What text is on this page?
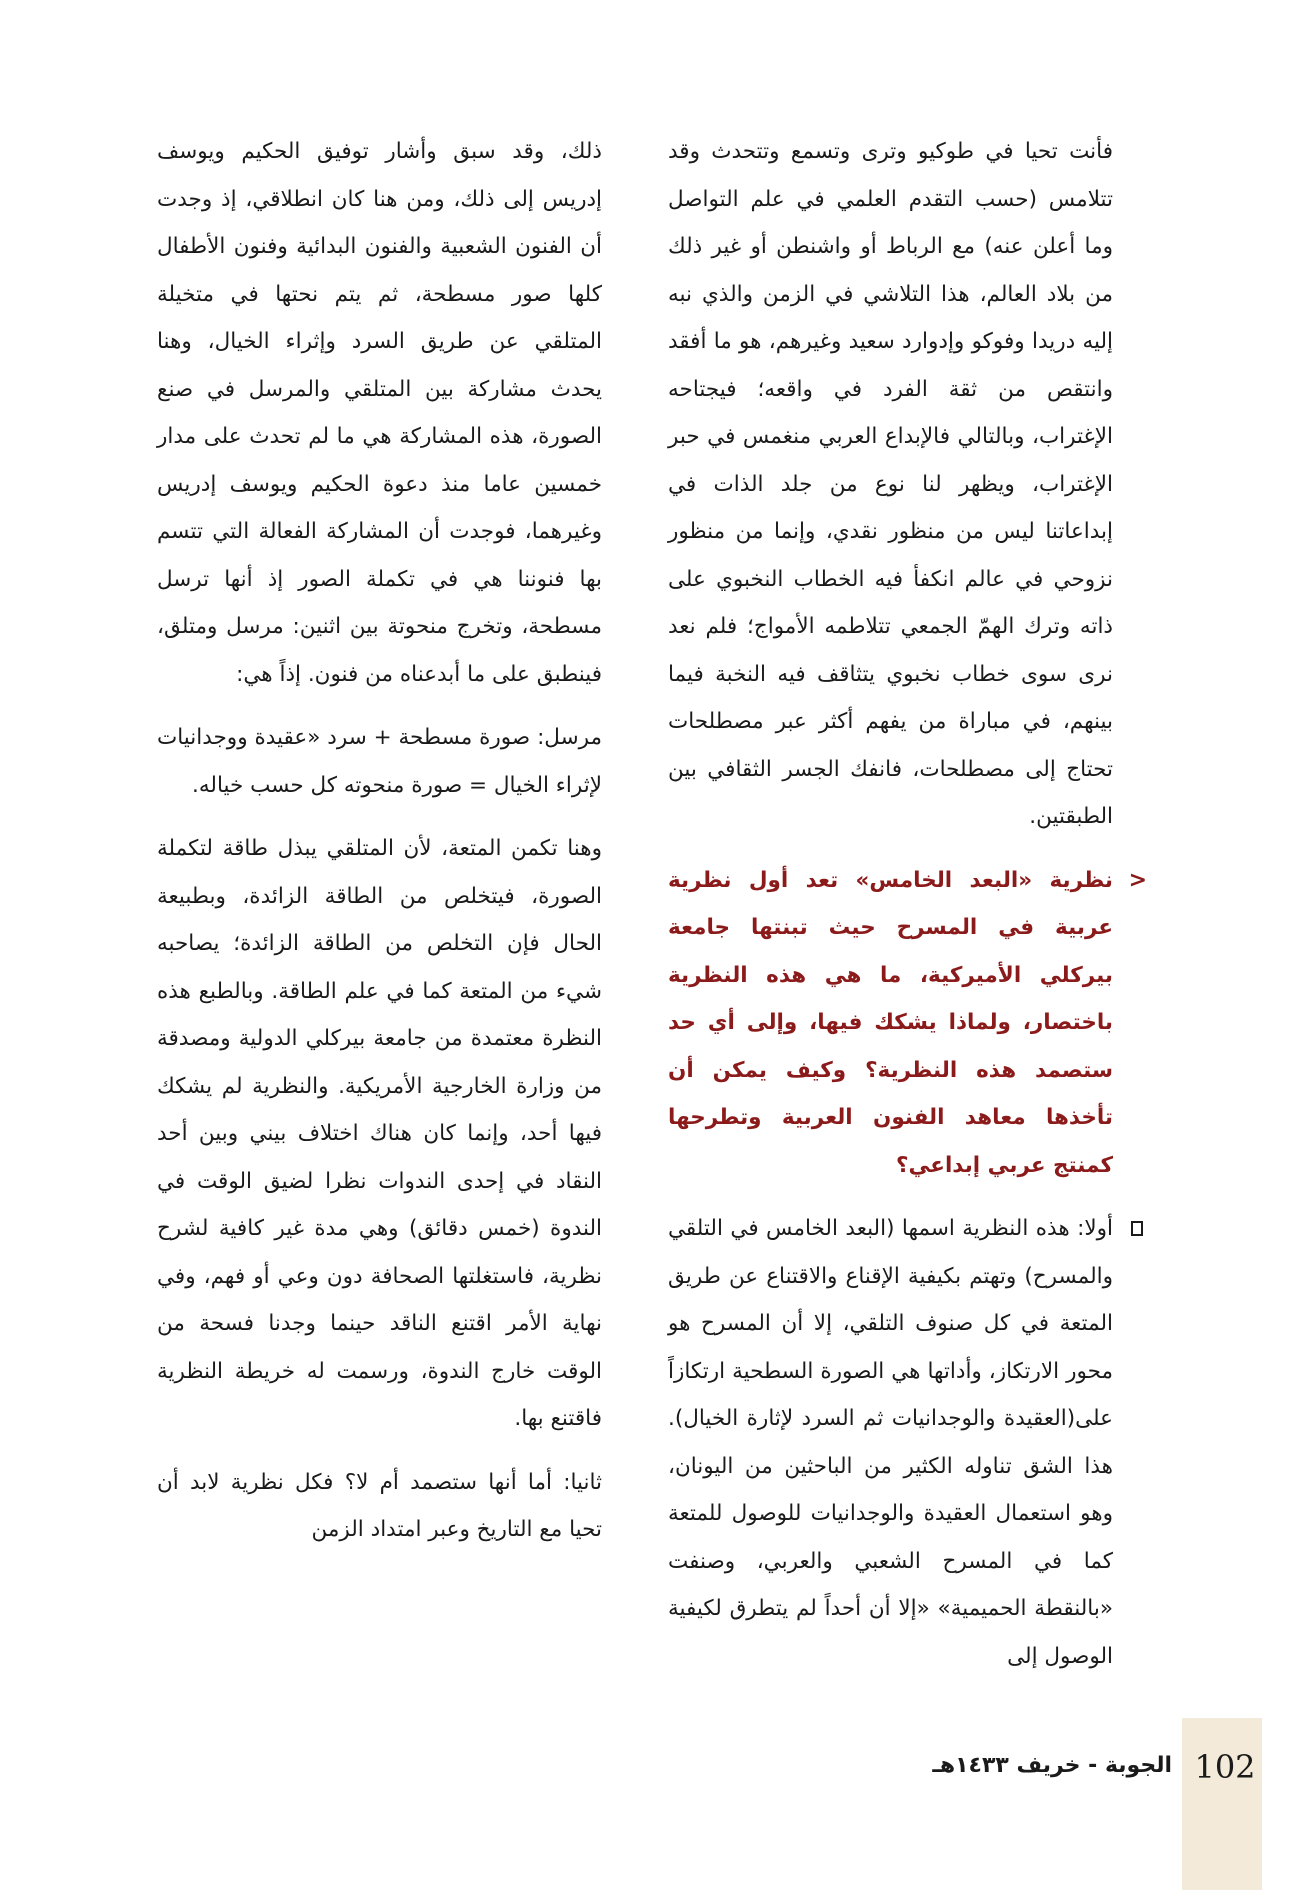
فأنت تحيا في طوكيو وترى وتسمع وتتحدث وقد تتلامس (حسب التقدم العلمي في علم التواصل وما أعلن عنه) مع الرباط أو واشنطن أو غير ذلك من بلاد العالم، هذا التلاشي في الزمن والذي نبه إليه دريدا وفوكو وإدوارد سعيد وغيرهم، هو ما أفقد وانتقص من ثقة الفرد في واقعه؛ فيجتاحه الإغتراب، وبالتالي فالإبداع العربي منغمس في حبر الإغتراب، ويظهر لنا نوع من جلد الذات في إبداعاتنا ليس من منظور نقدي، وإنما من منظور نزوحي في عالم انكفأ فيه الخطاب النخبوي على ذاته وترك الهمّ الجمعي تتلاطمه الأمواج؛ فلم نعد نرى سوى خطاب نخبوي يتثاقف فيه النخبة فيما بينهم، في مباراة من يفهم أكثر عبر مصطلحات تحتاج إلى مصطلحات، فانفك الجسر الثقافي بين الطبقتين.

<
نظرية «البعد الخامس» تعد أول نظرية عربية في المسرح حيث تبنتها جامعة بيركلي الأميركية، ما هي هذه النظرية باختصار، ولماذا يشكك فيها، وإلى أي حد ستصمد هذه النظرية؟ وكيف يمكن أن تأخذها معاهد الفنون العربية وتطرحها كمنتج عربي إبداعي؟

أولا: هذه النظرية اسمها (البعد الخامس في التلقي والمسرح) وتهتم بكيفية الإقناع والاقتناع عن طريق المتعة في كل صنوف التلقي، إلا أن المسرح هو محور الارتكاز، وأداتها هي الصورة السطحية ارتكازاً على(العقيدة والوجدانيات ثم السرد لإثارة الخيال). هذا الشق تناوله الكثير من الباحثين من اليونان، وهو استعمال العقيدة والوجدانيات للوصول للمتعة كما في المسرح الشعبي والعربي، وصنفت «بالنقطة الحميمية» «إلا أن أحداً لم يتطرق لكيفية الوصول إلى

ذلك، وقد سبق وأشار توفيق الحكيم ويوسف إدريس إلى ذلك، ومن هنا كان انطلاقي، إذ وجدت أن الفنون الشعبية والفنون البدائية وفنون الأطفال كلها صور مسطحة، ثم يتم نحتها في متخيلة المتلقي عن طريق السرد وإثراء الخيال، وهنا يحدث مشاركة بين المتلقي والمرسل في صنع الصورة، هذه المشاركة هي ما لم تحدث على مدار خمسين عاما منذ دعوة الحكيم ويوسف إدريس وغيرهما، فوجدت أن المشاركة الفعالة التي تتسم بها فنوننا هي في تكملة الصور إذ أنها ترسل مسطحة، وتخرج منحوتة بين اثنين: مرسل ومتلق، فينطبق على ما أبدعناه من فنون. إذاً هي:

مرسل: صورة مسطحة + سرد «عقيدة ووجدانيات لإثراء الخيال = صورة منحوته كل حسب خياله.

وهنا تكمن المتعة، لأن المتلقي يبذل طاقة لتكملة الصورة، فيتخلص من الطاقة الزائدة، وبطبيعة الحال فإن التخلص من الطاقة الزائدة؛ يصاحبه شيء من المتعة كما في علم الطاقة. وبالطبع هذه النظرة معتمدة من جامعة بيركلي الدولية ومصدقة من وزارة الخارجية الأمريكية. والنظرية لم يشكك فيها أحد، وإنما كان هناك اختلاف بيني وبين أحد النقاد في إحدى الندوات نظرا لضيق الوقت في الندوة (خمس دقائق) وهي مدة غير كافية لشرح نظرية، فاستغلتها الصحافة دون وعي أو فهم، وفي نهاية الأمر اقتنع الناقد حينما وجدنا فسحة من الوقت خارج الندوة، ورسمت له خريطة النظرية فاقتنع بها.

ثانيا: أما أنها ستصمد أم لا؟ فكل نظرية لابد أن تحيا مع التاريخ وعبر امتداد الزمن

102
الجوبة - خريف ١٤٣٣هـ
